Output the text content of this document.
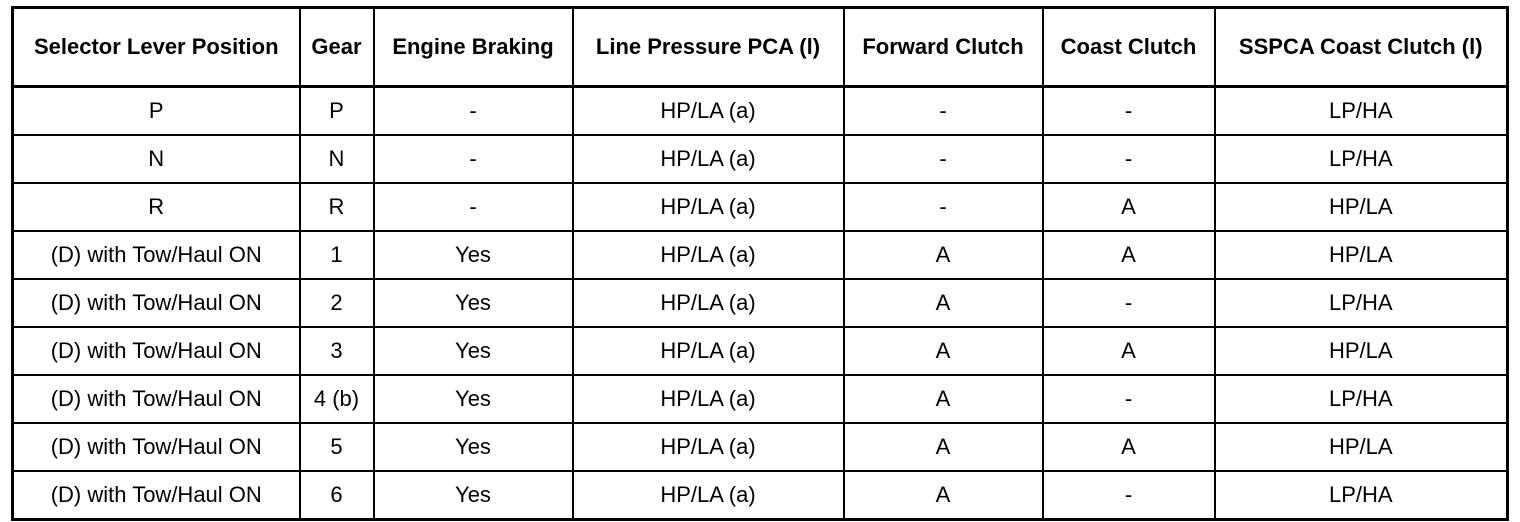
Selector Lever Position	Gear	Engine Braking	Line Pressure PCA (l)	Forward Clutch	Coast Clutch	SSPCA Coast Clutch (l)
P	P	-	HP/LA (a)	-	-	LP/HA
N	N	-	HP/LA (a)	-	-	LP/HA
R	R	-	HP/LA (a)	-	A	HP/LA
(D) with Tow/Haul ON	1	Yes	HP/LA (a)	A	A	HP/LA
(D) with Tow/Haul ON	2	Yes	HP/LA (a)	A	-	LP/HA
(D) with Tow/Haul ON	3	Yes	HP/LA (a)	A	A	HP/LA
(D) with Tow/Haul ON	4 (b)	Yes	HP/LA (a)	A	-	LP/HA
(D) with Tow/Haul ON	5	Yes	HP/LA (a)	A	A	HP/LA
(D) with Tow/Haul ON	6	Yes	HP/LA (a)	A	-	LP/HA
